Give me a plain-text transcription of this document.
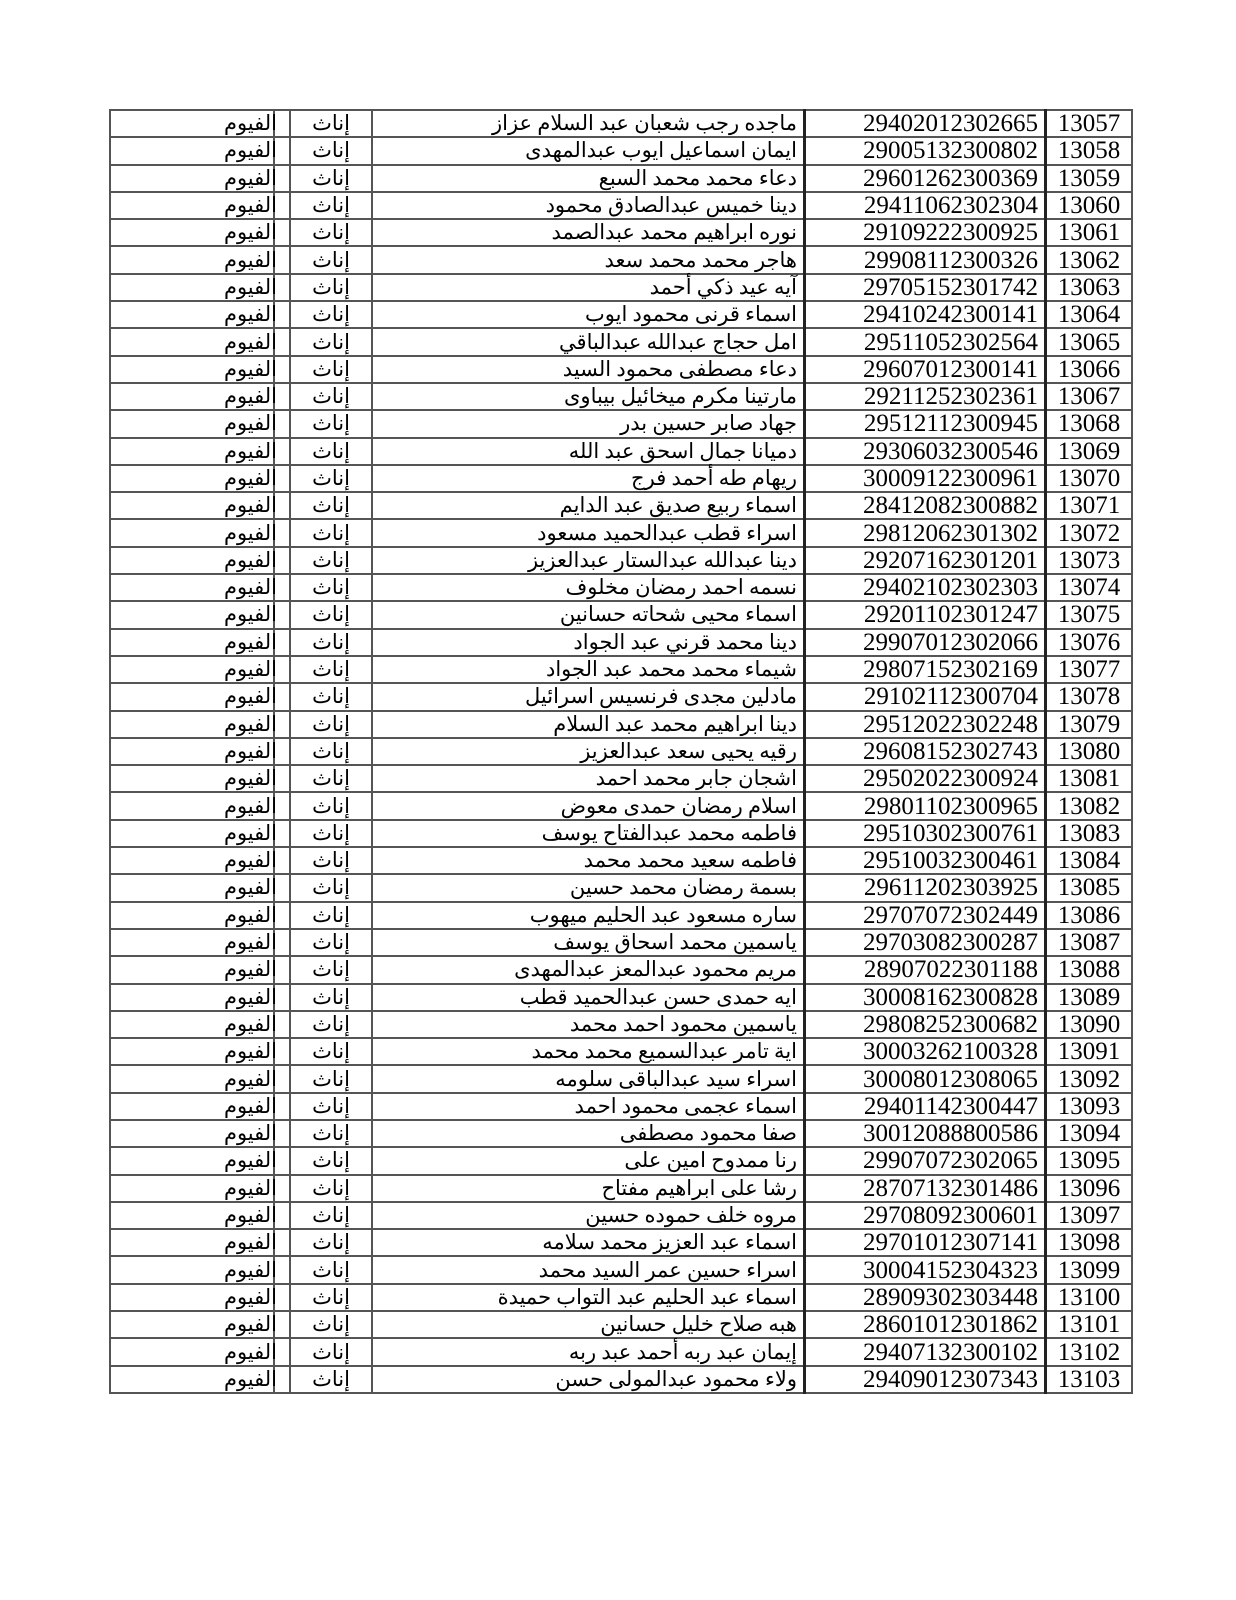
	الفيوم	إناث	ماجده رجب شعبان عبد السلام عزاز	29402012302665	13057
	الفيوم	إناث	ايمان اسماعيل ايوب عبدالمهدى	29005132300802	13058
	الفيوم	إناث	دعاء محمد محمد السبع	29601262300369	13059
	الفيوم	إناث	دينا خميس عبدالصادق محمود	29411062302304	13060
	الفيوم	إناث	نوره ابراهيم محمد عبدالصمد	29109222300925	13061
	الفيوم	إناث	هاجر محمد محمد سعد	29908112300326	13062
	الفيوم	إناث	آيه عيد ذكي أحمد	29705152301742	13063
	الفيوم	إناث	اسماء قرنى محمود ايوب	29410242300141	13064
	الفيوم	إناث	امل حجاج عبدالله عبدالباقي	29511052302564	13065
	الفيوم	إناث	دعاء مصطفى محمود السيد	29607012300141	13066
	الفيوم	إناث	مارتينا مكرم ميخائيل بيباوى	29211252302361	13067
	الفيوم	إناث	جهاد صابر حسين بدر	29512112300945	13068
	الفيوم	إناث	دميانا جمال اسحق عبد الله	29306032300546	13069
	الفيوم	إناث	ريهام طه أحمد فرج	30009122300961	13070
	الفيوم	إناث	اسماء ربيع صديق عبد الدايم	28412082300882	13071
	الفيوم	إناث	اسراء قطب عبدالحميد مسعود	29812062301302	13072
	الفيوم	إناث	دينا عبدالله عبدالستار عبدالعزيز	29207162301201	13073
	الفيوم	إناث	نسمه احمد رمضان مخلوف	29402102302303	13074
	الفيوم	إناث	اسماء محيى شحاته حسانين	29201102301247	13075
	الفيوم	إناث	دينا محمد قرني عبد الجواد	29907012302066	13076
	الفيوم	إناث	شيماء محمد محمد عبد الجواد	29807152302169	13077
	الفيوم	إناث	مادلين مجدى فرنسيس اسرائيل	29102112300704	13078
	الفيوم	إناث	دينا ابراهيم محمد عبد السلام	29512022302248	13079
	الفيوم	إناث	رقيه يحيى سعد عبدالعزيز	29608152302743	13080
	الفيوم	إناث	اشجان جابر محمد احمد	29502022300924	13081
	الفيوم	إناث	اسلام رمضان حمدى معوض	29801102300965	13082
	الفيوم	إناث	فاطمه محمد عبدالفتاح يوسف	29510302300761	13083
	الفيوم	إناث	فاطمه سعيد محمد محمد	29510032300461	13084
	الفيوم	إناث	بسمة رمضان محمد حسين	29611202303925	13085
	الفيوم	إناث	ساره مسعود عبد الحليم ميهوب	29707072302449	13086
	الفيوم	إناث	ياسمين محمد اسحاق يوسف	29703082300287	13087
	الفيوم	إناث	مريم محمود عبدالمعز عبدالمهدى	28907022301188	13088
	الفيوم	إناث	ايه حمدى حسن عبدالحميد قطب	30008162300828	13089
	الفيوم	إناث	ياسمين محمود احمد محمد	29808252300682	13090
	الفيوم	إناث	اية تامر عبدالسميع محمد محمد	30003262100328	13091
	الفيوم	إناث	اسراء سيد عبدالباقى سلومه	30008012308065	13092
	الفيوم	إناث	اسماء عجمى محمود احمد	29401142300447	13093
	الفيوم	إناث	صفا محمود مصطفى	30012088800586	13094
	الفيوم	إناث	رنا ممدوح امين على	29907072302065	13095
	الفيوم	إناث	رشا على ابراهيم مفتاح	28707132301486	13096
	الفيوم	إناث	مروه خلف حموده حسين	29708092300601	13097
	الفيوم	إناث	اسماء عبد العزيز محمد سلامه	29701012307141	13098
	الفيوم	إناث	اسراء حسين عمر السيد محمد	30004152304323	13099
	الفيوم	إناث	اسماء عبد الحليم عبد التواب حميدة	28909302303448	13100
	الفيوم	إناث	هبه صلاح خليل حسانين	28601012301862	13101
	الفيوم	إناث	إيمان عبد ربه أحمد عبد ربه	29407132300102	13102
	الفيوم	إناث	ولاء محمود عبدالمولى حسن	29409012307343	13103
